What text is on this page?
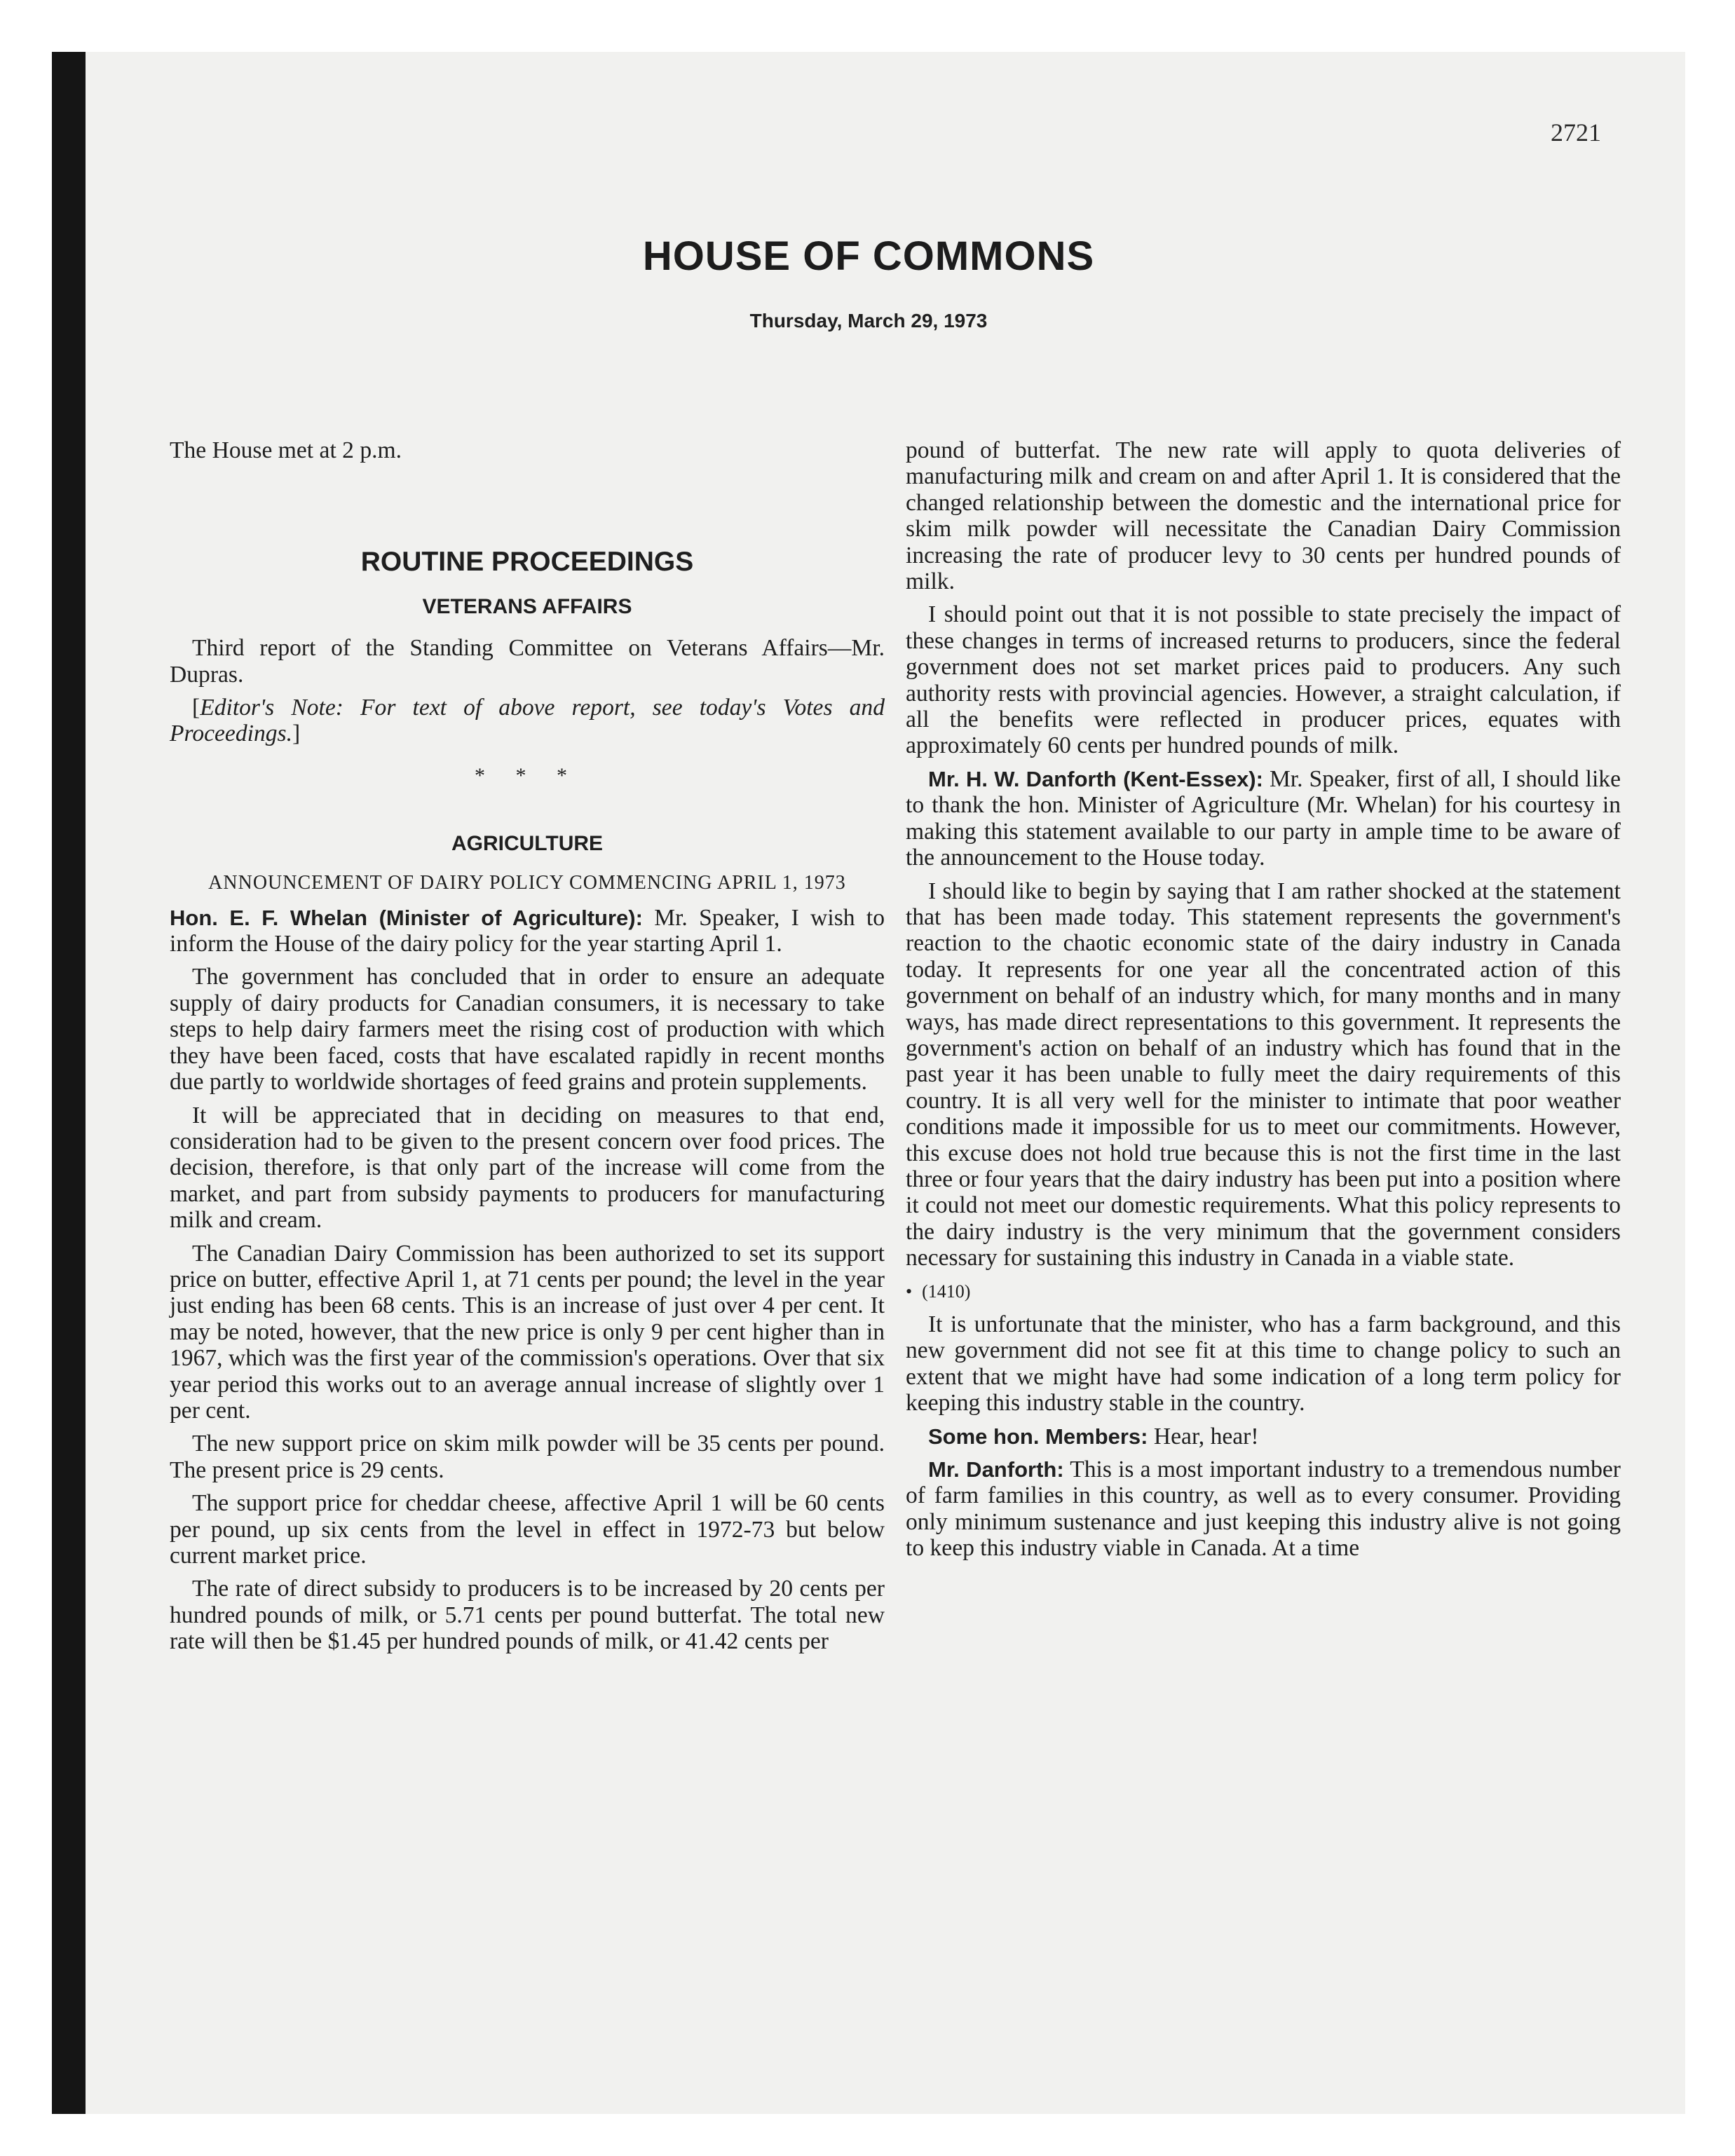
2721
HOUSE OF COMMONS
Thursday, March 29, 1973

The House met at 2 p.m.

ROUTINE PROCEEDINGS
VETERANS AFFAIRS

Third report of the Standing Committee on Veterans Affairs—Mr. Dupras.

[Editor's Note: For text of above report, see today's Votes and Proceedings.]

* * *
AGRICULTURE
ANNOUNCEMENT OF DAIRY POLICY COMMENCING APRIL 1, 1973

Hon. E. F. Whelan (Minister of Agriculture): Mr. Speaker, I wish to inform the House of the dairy policy for the year starting April 1.

The government has concluded that in order to ensure an adequate supply of dairy products for Canadian consumers, it is necessary to take steps to help dairy farmers meet the rising cost of production with which they have been faced, costs that have escalated rapidly in recent months due partly to worldwide shortages of feed grains and protein supplements.

It will be appreciated that in deciding on measures to that end, consideration had to be given to the present concern over food prices. The decision, therefore, is that only part of the increase will come from the market, and part from subsidy payments to producers for manufacturing milk and cream.

The Canadian Dairy Commission has been authorized to set its support price on butter, effective April 1, at 71 cents per pound; the level in the year just ending has been 68 cents. This is an increase of just over 4 per cent. It may be noted, however, that the new price is only 9 per cent higher than in 1967, which was the first year of the commission's operations. Over that six year period this works out to an average annual increase of slightly over 1 per cent.

The new support price on skim milk powder will be 35 cents per pound. The present price is 29 cents.

The support price for cheddar cheese, affective April 1 will be 60 cents per pound, up six cents from the level in effect in 1972-73 but below current market price.

The rate of direct subsidy to producers is to be increased by 20 cents per hundred pounds of milk, or 5.71 cents per pound butterfat. The total new rate will then be $1.45 per hundred pounds of milk, or 41.42 cents per

pound of butterfat. The new rate will apply to quota deliveries of manufacturing milk and cream on and after April 1. It is considered that the changed relationship between the domestic and the international price for skim milk powder will necessitate the Canadian Dairy Commission increasing the rate of producer levy to 30 cents per hundred pounds of milk.

I should point out that it is not possible to state precisely the impact of these changes in terms of increased returns to producers, since the federal government does not set market prices paid to producers. Any such authority rests with provincial agencies. However, a straight calculation, if all the benefits were reflected in producer prices, equates with approximately 60 cents per hundred pounds of milk.

Mr. H. W. Danforth (Kent-Essex): Mr. Speaker, first of all, I should like to thank the hon. Minister of Agriculture (Mr. Whelan) for his courtesy in making this statement available to our party in ample time to be aware of the announcement to the House today.

I should like to begin by saying that I am rather shocked at the statement that has been made today. This statement represents the government's reaction to the chaotic economic state of the dairy industry in Canada today. It represents for one year all the concentrated action of this government on behalf of an industry which, for many months and in many ways, has made direct representations to this government. It represents the government's action on behalf of an industry which has found that in the past year it has been unable to fully meet the dairy requirements of this country. It is all very well for the minister to intimate that poor weather conditions made it impossible for us to meet our commitments. However, this excuse does not hold true because this is not the first time in the last three or four years that the dairy industry has been put into a position where it could not meet our domestic requirements. What this policy represents to the dairy industry is the very minimum that the government considers necessary for sustaining this industry in Canada in a viable state.

• (1410)

It is unfortunate that the minister, who has a farm background, and this new government did not see fit at this time to change policy to such an extent that we might have had some indication of a long term policy for keeping this industry stable in the country.

Some hon. Members: Hear, hear!

Mr. Danforth: This is a most important industry to a tremendous number of farm families in this country, as well as to every consumer. Providing only minimum sustenance and just keeping this industry alive is not going to keep this industry viable in Canada. At a time
